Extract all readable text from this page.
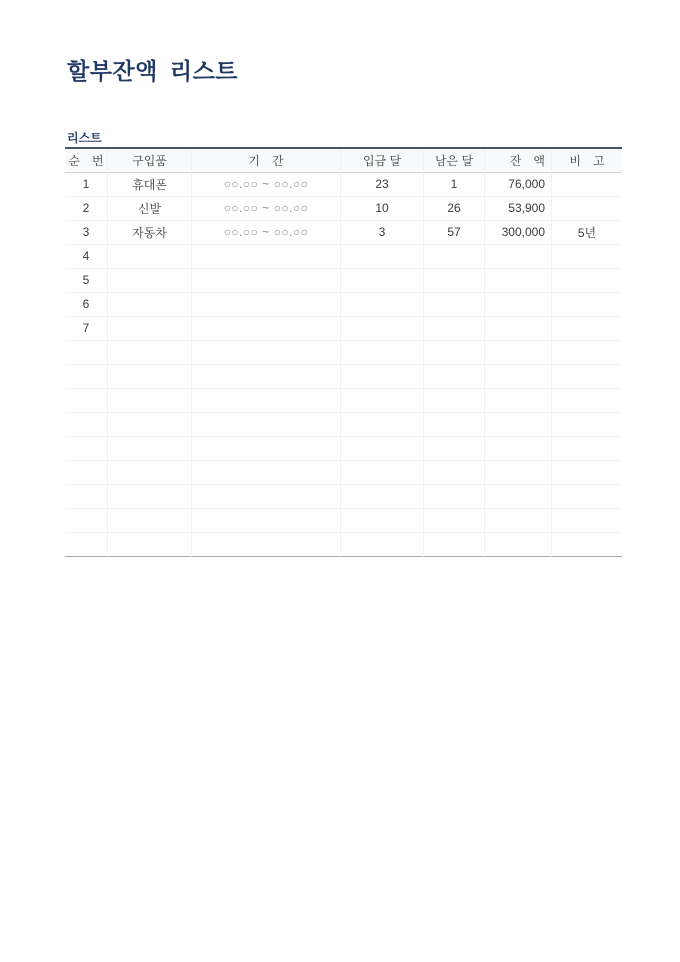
할부잔액 리스트
리스트
순 번	구입품	기 간	입금 달	남은 달	잔 액	비 고
1	휴대폰	○○.○○ ~ ○○.○○	23	1	76,000	
2	신발	○○.○○ ~ ○○.○○	10	26	53,900	
3	자동차	○○.○○ ~ ○○.○○	3	57	300,000	5년
4						
5						
6						
7						
